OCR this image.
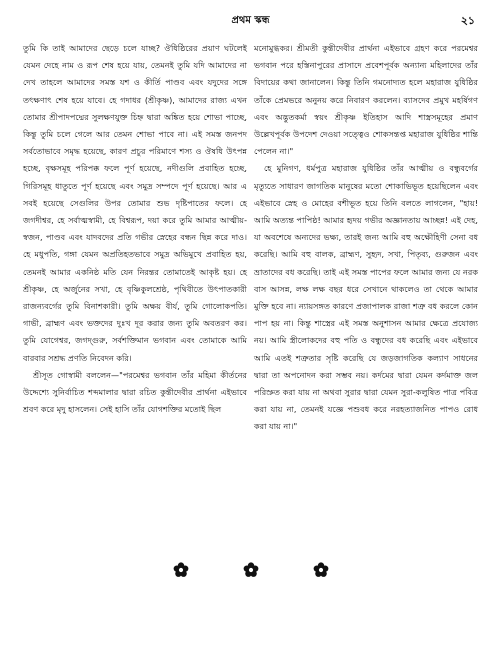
প্রথম স্কন্ধ	২১

তুমি কি তাই আমাদের ছেড়ে চলে যাচ্ছ? ঔধিষ্ঠিরের প্রয়াণ ঘটলেই যেমন দেহে নাম ও রূপ শেষ হয়ে যায়, তেমনই তুমি যদি আমাদের না দেখ তাহলে আমাদের সমস্ত যশ ও কীর্তি পাণ্ডব এবং যদুদের সঙ্গে তৎক্ষণাৎ শেষ হয়ে যাবে। হে গদাধর (শ্রীকৃষ্ণ), আমাদের রাজ্য এখন তোমার শ্রীপাদপদ্মের সুলক্ষণযুক্ত চিহ্ন দ্বারা অঙ্কিত হয়ে শোভা পাচ্ছে, কিন্তু তুমি চলে গেলে আর তেমন শোভা পাবে না। এই সমস্ত জনপদ সর্বতোভাবে সমৃদ্ধ হয়েছে, কারণ প্রচুর পরিমাণে শস্য ও ঔষধি উৎপন্ন হচ্ছে, বৃক্ষসমূহ পরিপক্ক ফলে পূর্ণ হয়েছে, নদীগুলি প্রবাহিত হচ্ছে, গিরিসমূহ ধাতুতে পূর্ণ হয়েছে এবং সমুদ্র সম্পদে পূর্ণ হয়েছে। আর এ সবই হয়েছে সেগুলির উপর তোমার শুভ দৃষ্টিপাতের ফলে। হে জগদীশ্বর, হে সর্বাত্মস্বামী, হে বিশ্বরূপ, দয়া করে তুমি আমার আত্মীয়-স্বজন, পাণ্ডব এবং যাদবদের প্রতি গভীর স্নেহের বন্ধন ছিন্ন করে দাও। হে মধুপতি, গঙ্গা যেমন অপ্রতিহতভাবে সমুদ্র অভিমুখে প্রবাহিত হয়, তেমনই আমার একনিষ্ঠ মতি যেন নিরন্তর তোমাতেই আকৃষ্ট হয়। হে শ্রীকৃষ্ণ, হে অর্জুনের সখা, হে বৃষ্ণিকুলশ্রেষ্ঠ, পৃথিবীতে উৎপাতকারী রাজন্যবর্গের তুমি বিনাশকারী। তুমি অক্ষয় বীর্য, তুমি গোলোকপতি। গাভী, ব্রাহ্মণ এবং ভক্তদের দুঃখ দূর করার জন্য তুমি অবতরণ কর। তুমি যোগেশ্বর, জগদ্গুরু, সর্বশক্তিমান ভগবান এবং তোমাকে আমি বারবার সশ্রদ্ধ প্রণতি নিবেদন করি।

শ্রীসূত গোস্বামী বললেন—"পরমেশ্বর ভগবান তাঁর মহিমা কীর্তনের উদ্দেশ্যে সুনির্বাচিত শব্দমালার দ্বারা রচিত কুন্তীদেবীর প্রার্থনা এইভাবে শ্রবণ করে মৃদু হাসলেন। সেই হাসি তাঁর যোগশক্তির মতোই ছিল

মনোমুগ্ধকর। শ্রীমতী কুন্তীদেবীর প্রার্থনা এইভাবে গ্রহণ করে পরমেশ্বর ভগবান পরে হস্তিনাপুরের প্রাসাদে প্রবেশপূর্বক অন্যান্য মহিলাদের তাঁর বিদায়ের কথা জানালেন। কিন্তু তিনি গমনোদ্যত হলে মহারাজ যুধিষ্ঠির তাঁকে প্রেমভরে অনুনয় করে নিবারণ করলেন। ব্যাসদেব প্রমুখ মহর্ষিগণ এবং অদ্ভুতকর্মা স্বয়ং শ্রীকৃষ্ণ ইতিহাস আদি শাস্ত্রসমূহের প্রমাণ উল্লেখপূর্বক উপদেশ দেওয়া সত্ত্বেও শোকসন্তপ্ত মহারাজ যুধিষ্ঠির শান্তি পেলেন না।"

হে মুনিগণ, ধর্মপুত্র মহারাজ যুধিষ্ঠির তাঁর আত্মীয় ও বন্ধুবর্গের মৃত্যুতে সাধারণ জাগতিক মানুষের মতো শোকাভিভূত হয়েছিলেন এবং এইভাবে স্নেহ ও মোহের বশীভূত হয়ে তিনি বলতে লাগলেন, "হায়! আমি অত্যন্ত পাপিষ্ঠ! আমার হৃদয় গভীর অজ্ঞানতায় আচ্ছন্ন! এই দেহ, যা অবশেষে অন্যদের ভক্ষ্য, তারই জন্য আমি বহু অক্ষৌহিণী সেনা বধ করেছি। আমি বহু বালক, ব্রাহ্মণ, সুহৃদ, সখা, পিতৃব্য, গুরুজন এবং ভ্রাতাদের বধ করেছি। তাই এই সমস্ত পাপের ফলে আমার জন্য যে নরক বাস আসন্ন, লক্ষ লক্ষ বছর ধরে সেখানে থাকলেও তা থেকে আমার মুক্তি হবে না। ন্যায়সঙ্গত কারণে প্রজাপালক রাজা শত্রু বধ করলে কোন পাপ হয় না। কিন্তু শাস্ত্রের এই সমস্ত অনুশাসন আমার ক্ষেত্রে প্রযোজ্য নয়। আমি স্ত্রীলোকদের বহু পতি ও বন্ধুদের বধ করেছি এবং এইভাবে আমি এতই শত্রুতার সৃষ্টি করেছি যে জড়জাগতিক কল্যাণ সাধনের দ্বারা তা অপনোদন করা সম্ভব নয়। কর্দমের দ্বারা যেমন কর্দমাক্ত জল পরিস্রুত করা যায় না অথবা সুরার দ্বারা যেমন সুরা-কলুষিত পাত্র পবিত্র করা যায় না, তেমনই যজ্ঞে পশুবধ করে নরহত্যাজনিত পাপও রোধ করা যায় না।"
